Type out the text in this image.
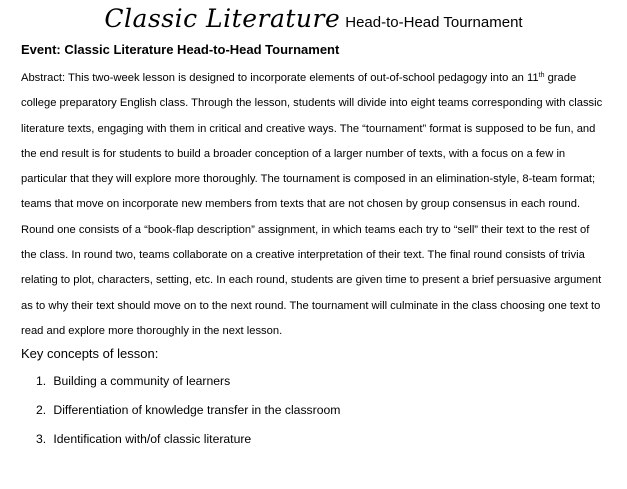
Classic Literature Head-to-Head Tournament
Event: Classic Literature Head-to-Head Tournament

Abstract: This two-week lesson is designed to incorporate elements of out-of-school pedagogy into an 11th grade college preparatory English class. Through the lesson, students will divide into eight teams corresponding with classic literature texts, engaging with them in critical and creative ways. The “tournament” format is supposed to be fun, and the end result is for students to build a broader conception of a larger number of texts, with a focus on a few in particular that they will explore more thoroughly. The tournament is composed in an elimination-style, 8-team format; teams that move on incorporate new members from texts that are not chosen by group consensus in each round. Round one consists of a “book-flap description” assignment, in which teams each try to “sell” their text to the rest of the class. In round two, teams collaborate on a creative interpretation of their text. The final round consists of trivia relating to plot, characters, setting, etc. In each round, students are given time to present a brief persuasive argument as to why their text should move on to the next round. The tournament will culminate in the class choosing one text to read and explore more thoroughly in the next lesson.

Key concepts of lesson:
1. Building a community of learners
2. Differentiation of knowledge transfer in the classroom
3. Identification with/of classic literature
